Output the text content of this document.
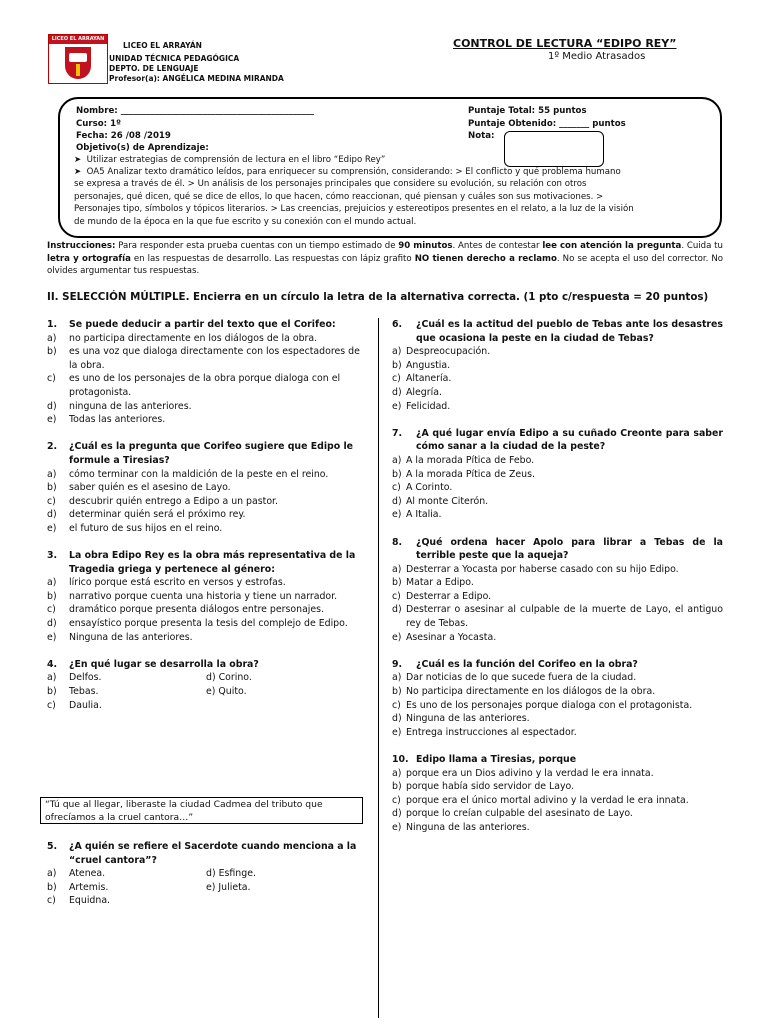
LICEO EL ARRAYAN
LICEO EL ARRAYÁN
UNIDAD TÉCNICA PEDAGÓGICA
DEPTO. DE LENGUAJE
Profesor(a): ANGÉLICA MEDINA MIRANDA
CONTROL DE LECTURA “EDIPO REY”
1º Medio Atrasados
Nombre: _____________________________________________
Curso: 1º
Fecha: 26 /08 /2019
Puntaje Total: 55 puntos
Puntaje Obtenido: _______ puntos
Nota:
Objetivo(s) de Aprendizaje:
➤ Utilizar estrategias de comprensión de lectura en el libro “Edipo Rey”
➤ OA5 Analizar texto dramático leídos, para enriquecer su comprensión, considerando: > El conflicto y qué problema humano
se expresa a través de él. > Un análisis de los personajes principales que considere su evolución, su relación con otros
personajes, qué dicen, qué se dice de ellos, lo que hacen, cómo reaccionan, qué piensan y cuáles son sus motivaciones. >
Personajes tipo, símbolos y tópicos literarios. > Las creencias, prejuicios y estereotipos presentes en el relato, a la luz de la visión
de mundo de la época en la que fue escrito y su conexión con el mundo actual.
Instrucciones: Para responder esta prueba cuentas con un tiempo estimado de 90 minutos. Antes de contestar lee con atención la pregunta. Cuida tu letra y ortografía en las respuestas de desarrollo. Las respuestas con lápiz grafito NO tienen derecho a reclamo. No se acepta el uso del corrector. No olvides argumentar tus respuestas.
II. SELECCIÓN MÚLTIPLE. Encierra en un círculo la letra de la alternativa correcta. (1 pto c/respuesta = 20 puntos)
1.	Se puede deducir a partir del texto que el Corifeo:
a)	no participa directamente en los diálogos de la obra.
b)	es una voz que dialoga directamente con los espectadores de la obra.
c)	es uno de los personajes de la obra porque dialoga con el protagonista.
d)	ninguna de las anteriores.
e)	Todas las anteriores.
2.	¿Cuál es la pregunta que Corifeo sugiere que Edipo le formule a Tiresias?
a)	cómo terminar con la maldición de la peste en el reino.
b)	saber quién es el asesino de Layo.
c)	descubrir quién entrego a Edipo a un pastor.
d)	determinar quién será el próximo rey.
e)	el futuro de sus hijos en el reino.
3.	La obra Edipo Rey es la obra más representativa de la Tragedia griega y pertenece al género:
a)	lírico porque está escrito en versos y estrofas.
b)	narrativo porque cuenta una historia y tiene un narrador.
c)	dramático porque presenta diálogos entre personajes.
d)	ensayístico porque presenta la tesis del complejo de Edipo.
e)	Ninguna de las anteriores.
4.	¿En qué lugar se desarrolla la obra?
a)	Delfos.	d) Corino.
b)	Tebas.	e) Quito.
c)	Daulia.
“Tú que al llegar, liberaste la ciudad Cadmea del tributo que ofrecíamos a la cruel cantora…”
5.	¿A quién se refiere el Sacerdote cuando menciona a la “cruel cantora”?
a)	Atenea.	d) Esfinge.
b)	Artemis.	e) Julieta.
c)	Equidna.
6.	¿Cuál es la actitud del pueblo de Tebas ante los desastres que ocasiona la peste en la ciudad de Tebas?
a) Despreocupación.
b) Angustia.
c) Altanería.
d) Alegría.
e) Felicidad.
7.	¿A qué lugar envía Edipo a su cuñado Creonte para saber cómo sanar a la ciudad de la peste?
a) A la morada Pítica de Febo.
b) A la morada Pítica de Zeus.
c) A Corinto.
d) Al monte Citerón.
e) A Italia.
8.	¿Qué ordena hacer Apolo para librar a Tebas de la terrible peste que la aqueja?
a) Desterrar a Yocasta por haberse casado con su hijo Edipo.
b) Matar a Edipo.
c) Desterrar a Edipo.
d) Desterrar o asesinar al culpable de la muerte de Layo, el antiguo rey de Tebas.
e) Asesinar a Yocasta.
9.	¿Cuál es la función del Corifeo en la obra?
a) Dar noticias de lo que sucede fuera de la ciudad.
b) No participa directamente en los diálogos de la obra.
c) Es uno de los personajes porque dialoga con el protagonista.
d) Ninguna de las anteriores.
e) Entrega instrucciones al espectador.
10. Edipo llama a Tiresias, porque
a) porque era un Dios adivino y la verdad le era innata.
b) porque había sido servidor de Layo.
c) porque era el único mortal adivino y la verdad le era innata.
d) porque lo creían culpable del asesinato de Layo.
e) Ninguna de las anteriores.
